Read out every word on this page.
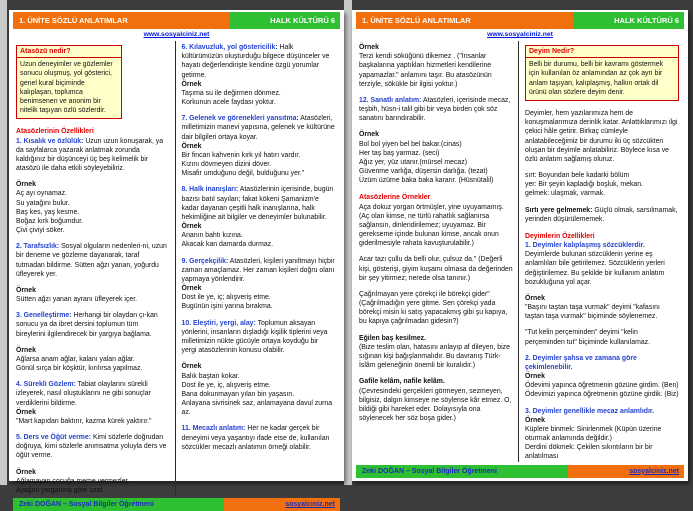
1. ÜNİTE SÖZLÜ ANLATIMLAR	HALK KÜLTÜRÜ 6
www.sosyalciniz.net
Atasözü nedir?
Uzun deneyimler ve gözlemler sonucu oluşmuş, yol gösterici, genel kural biçiminde kalıplaşan, toplumca benimsenen ve anonim bir nitelik taşıyan özlü sözlerdir.
Atasözlerinin Özellikleri
1. Kısalık ve özlülük: Uzun uzun konuşarak, ya da sayfalarca yazarak anlatmak zorunda kaldığınız bir düşünceyi üç beş kelimelik bir atasözü ile daha etkili söyleyebiliriz.
Örnek
Aç ayı oynamaz.
Su yatağını bulur.
Baş kes, yaş kesme.
Boğaz kırk boğumdur.
Çivi çiviyi söker.
2. Tarafsızlık: Sosyal olguların nedenleri-ni, uzun bir deneme ve gözleme dayanarak, taraf tutmadan bildirme. Sütten ağzı yanan, yoğurdu üfleyerek yer.
Örnek
Sütten ağzı yanan ayranı üfleyerek içer.
3. Genelleştirme: Herhangi bir olaydan çı-kan sonucu ya da ibret dersini toplumun tüm bireylerini ilgilendirecek bir yargıya bağlama.
Örnek
Ağlarsa anam ağlar, kalanı yalan ağlar.
Gönül sırça bir köşktür, kırılırsa yapılmaz.
4. Sürekli Gözlem: Tabiat olaylarını sürekli izleyerek, nasıl oluştuklarını ne gibi sonuçlar verdiklerini bildirme.
Örnek
"Mart kapıdan baktırır, kazma kürek yaktırır."
5. Ders ve Öğüt verme: Kimi sözlerle doğrudan doğruya, kimi sözlerle anımsatma yoluyla ders ve öğüt verme.
Örnek
Ağlamayan çocuğa meme vermezler.
Ayağını yorganına göre uzat.
6. Kılavuzluk, yol göstericilik: Halk kültürümüzün oluşturduğu bilgece düşünceler ve hayatı değerlendirişte kendine özgü yorumlar getirme.
Örnek
Taşıma su ile değirmen dönmez.
Korkunun acele faydası yoktur.
7. Gelenek ve görenekleri yansıtma: Atasözleri, milletimizin manevi yapısına, gelenek ve kültürüne dair bilgileri ortaya koyar.
Örnek
Bir fincan kahvenin kırk yıl hatırı vardır.
Kızını dövmeyen dizini döver.
Misafir umduğunu değil, bulduğunu yer."
8. Halk inanışları: Atasözlerinin içerisinde, bugün bazısı batıl sayılan; fakat kökeni Şamanizm'e kadar dayanan çeşitli halk inanışlarına, halk hekimliğine ait bilgiler ve deneyimler bulunabilir.
Örnek
Ananın bahtı kızına.
Akacak kan damarda durmaz.
9. Gerçekçilik: Atasözleri, kişileri yanıltmayı hiçbir zaman amaçlamaz. Her zaman kişileri doğru olanı yapmaya yönlendirir.
Örnek
Dost ile ye, iç; alışveriş etme.
Bugünün işini yarına bırakma.
10. Eleştiri, yergi, alay: Toplumun aksayan yönlerini, insanların dışladığı kişilik tiplerini veya milletimizin nükte gücüyle ortaya koyduğu bir yergi atasözlerinin konusu olabilir.
Örnek
Balık baştan kokar.
Dost ile ye, iç, alışveriş etme.
Bana dokunmayan yılan bin yaşasın.
Anlayana sivrisinek saz, anlamayana davul zurna az.
11. Mecazlı anlatım: Her ne kadar gerçek bir deneyimi veya yaşantıyı ifade etse de, kullanılan sözcükler mecazlı anlatımın örneği olabilir.
Zeki DOĞAN – Sosyal Bilgiler Öğretmeni	sosyalciniz.net
1. ÜNİTE SÖZLÜ ANLATIMLAR	HALK KÜLTÜRÜ 6
www.sosyalciniz.net
Örnek
Terzi kendi söküğünü dikemez . ("İnsanlar başkalarına yaptıkları hizmetleri kendilerine yapamazlar." anlamını taşır. Bu atasözünün terziyle, sökükle bir ilgisi yoktur.)
12. Sanatlı anlatım: Atasözleri, içerisinde mecaz, teşbih, hüsn-i talil gibi bir veya birden çok söz sanatını barındırabilir.
Örnek
Bol bol yiyen bel bel bakar.(cinas)
Her taş baş yarmaz. (seci)
Ağız yer, yüz utanır.(mürsel mecaz)
Güvenme varlığa, düşersin darlığa. (tezat)
Üzüm üzüme baka baka kararır. (Hüsnütalil)
Atasözlerine Örnekler
Aça dokuz yorgan örtmüşler, yine uyuyamamış. (Aç olan kimse, ne türlü rahatlık sağlanırsa sağlansın, dinlendirilemez; uyuyamaz. Bir gerekseme içinde bulunan kimse, ancak onun giderilmesiyle rahata kavuşturulabilir.)
Acar tazı çullu da belli olur, çulsuz da." (Değerli kişi, gösterişi, giyim kuşamı olmasa da değerinden bir şey yitirmez; nerede olsa tanınır.)
Çağrılmayan yere çörekçi ile börekçi gider" (Çağrılmadığın yere gitme. Sen çörekçi yada börekçi misin ki satış yapacakmış gibi şu kapıya, bu kapıya çağrılmadan gidesin?)
Eğilen baş kesilmez.
(Bize teslim olan, hatasını anlayıp af dileyen, bize sığınan kişi bağışlanmalıdır. Bu davranış Türk-İslâm geleneğinin önemli bir kuralıdır.)
Gafile kelâm, nafile kelâm.
(Çevresindeki gerçekleri görmeyen, sezmeyen, bilgisiz, dalgın kimseye ne söylense kâr etmez. O, bildiği gibi hareket eder. Dolayısıyla ona söylenecek her söz boşa gider.)
Deyim Nedir?
Belli bir durumu, belli bir kavramı göstermek için kullanılan öz anlamından az çok ayrı bir anlam taşıyan, kalıplaşmış, halkın ortak dil ürünü olan sözlere deyim denir.
Deyimler, hem yazılarımıza hem de konuşmalarımıza derinlik katar. Anlattıklarımızı ilgi çekici hâle getirir. Birkaç cümleyle anlatabileceğimiz bir durumu iki üç sözcükten oluşan bir deyimle anlatabiliriz. Böylece kısa ve özlü anlatım sağlamış oluruz.
sırt: Boyundan bele kadarki bölüm
yer: Bir şeyin kapladığı boşluk, mekan.
gelmek: ulaşmak, varmak.
Sırtı yere gelmemek: Güçlü olmak, sarsılmamak, yerinden düşürülememek.
Deyimlerin Özellikleri
1. Deyimler kalıplaşmış sözcüklerdir. Deyimlerde bulunan sözcüklerin yerine eş anlamlıları bile getirilemez. Sözcüklerin yerleri değiştirilemez. Bu şekilde bir kullanım anlatım bozukluğuna yol açar.
Örnek
"Başını taştan taşa vurmak" deyimi "kafasını taştan taşa vurmak" biçiminde söylenemez.
"Tut kelin perçeminden" deyimi "kelin perçeminden tut" biçiminde kullanılamaz.
2. Deyimler şahsa ve zamana göre çekimlenebilir.
Örnek
Ödevimi yapınca öğretmenin gözüne girdim. (Ben)
Ödevimizi yapınca öğretmenin gözüne girdik. (Biz)
3. Deyimler genellikle mecaz anlamlıdır.
Örnek
Küplere binmek: Sinirlenmek (Küpün üzerine oturmak anlamında değildir.)
Derdini dökmek: Çekilen sıkıntıların bir bir anlatılması
Zeki DOĞAN – Sosyal Bilgiler Öğretmeni	sosyalciniz.net
